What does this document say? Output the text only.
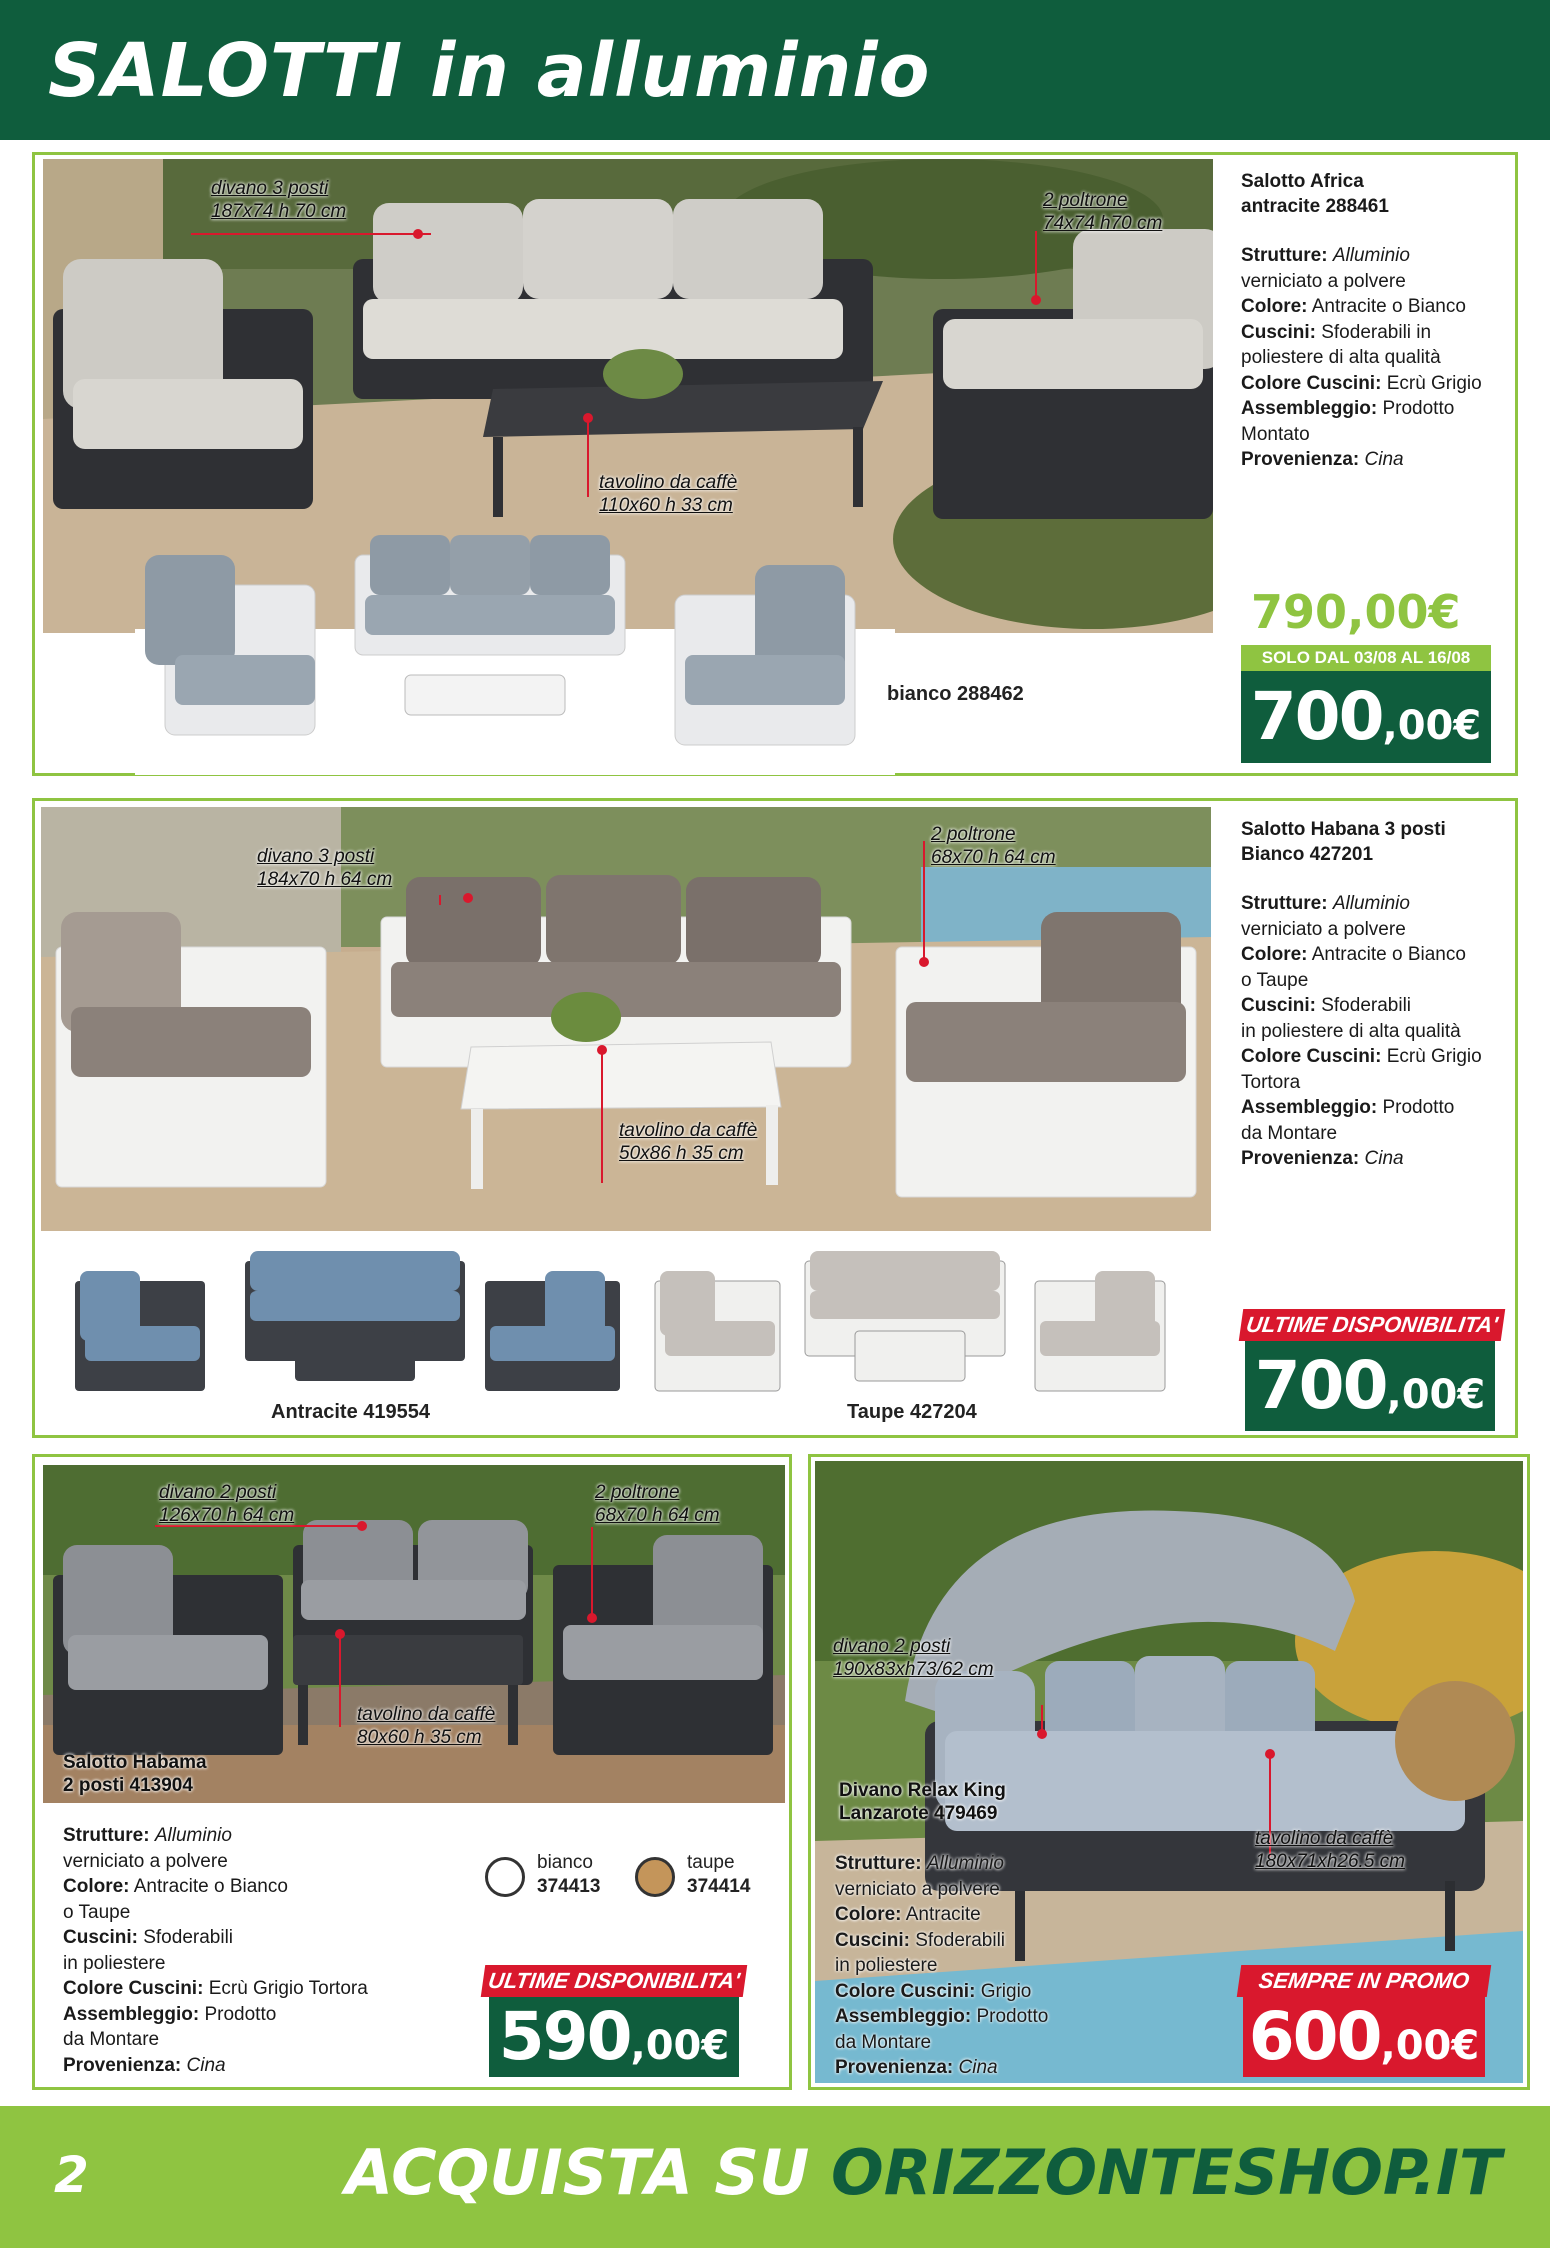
SALOTTI in alluminio
divano 3 posti
187x74 h 70 cm
2 poltrone
74x74 h70 cm
tavolino da caffè
110x60 h 33 cm
Salotto Africa
antracite 288461
Strutture: Alluminio
verniciato a polvere
Colore: Antracite o Bianco
Cuscini: Sfoderabili in
poliestere di alta qualità
Colore Cuscini: Ecrù Grigio
Assembleggio: Prodotto
Montato
Provenienza: Cina
bianco 288462
790,00€
SOLO DAL 03/08 AL 16/08
700,00€
divano 3 posti
184x70 h 64 cm
2 poltrone
68x70 h 64 cm
tavolino da caffè
50x86 h 35 cm
Salotto Habana 3 posti
Bianco 427201
Strutture: Alluminio
verniciato a polvere
Colore: Antracite o Bianco
o Taupe
Cuscini: Sfoderabili
in poliestere di alta qualità
Colore Cuscini: Ecrù Grigio
Tortora
Assembleggio: Prodotto
da Montare
Provenienza: Cina
Antracite 419554	Taupe 427204
ULTIME DISPONIBILITA'
700,00€
divano 2 posti
126x70 h 64 cm
2 poltrone
68x70 h 64 cm
tavolino da caffè
80x60 h 35 cm
Salotto Habama
2 posti 413904
Strutture: Alluminio
verniciato a polvere
Colore: Antracite o Bianco
o Taupe
Cuscini: Sfoderabili
in poliestere
Colore Cuscini: Ecrù Grigio Tortora
Assembleggio: Prodotto
da Montare
Provenienza: Cina
bianco
374413
taupe
374414
ULTIME DISPONIBILITA'
590,00€
divano 2 posti
190x83xh73/62 cm
tavolino da caffè
180x71xh26.5 cm
Divano Relax King
Lanzarote 479469
Strutture: Alluminio
verniciato a polvere
Colore: Antracite
Cuscini: Sfoderabili
in poliestere
Colore Cuscini: Grigio
Assembleggio: Prodotto
da Montare
Provenienza: Cina
SEMPRE IN PROMO
600,00€
2	ACQUISTA SU ORIZZONTESHOP.IT
